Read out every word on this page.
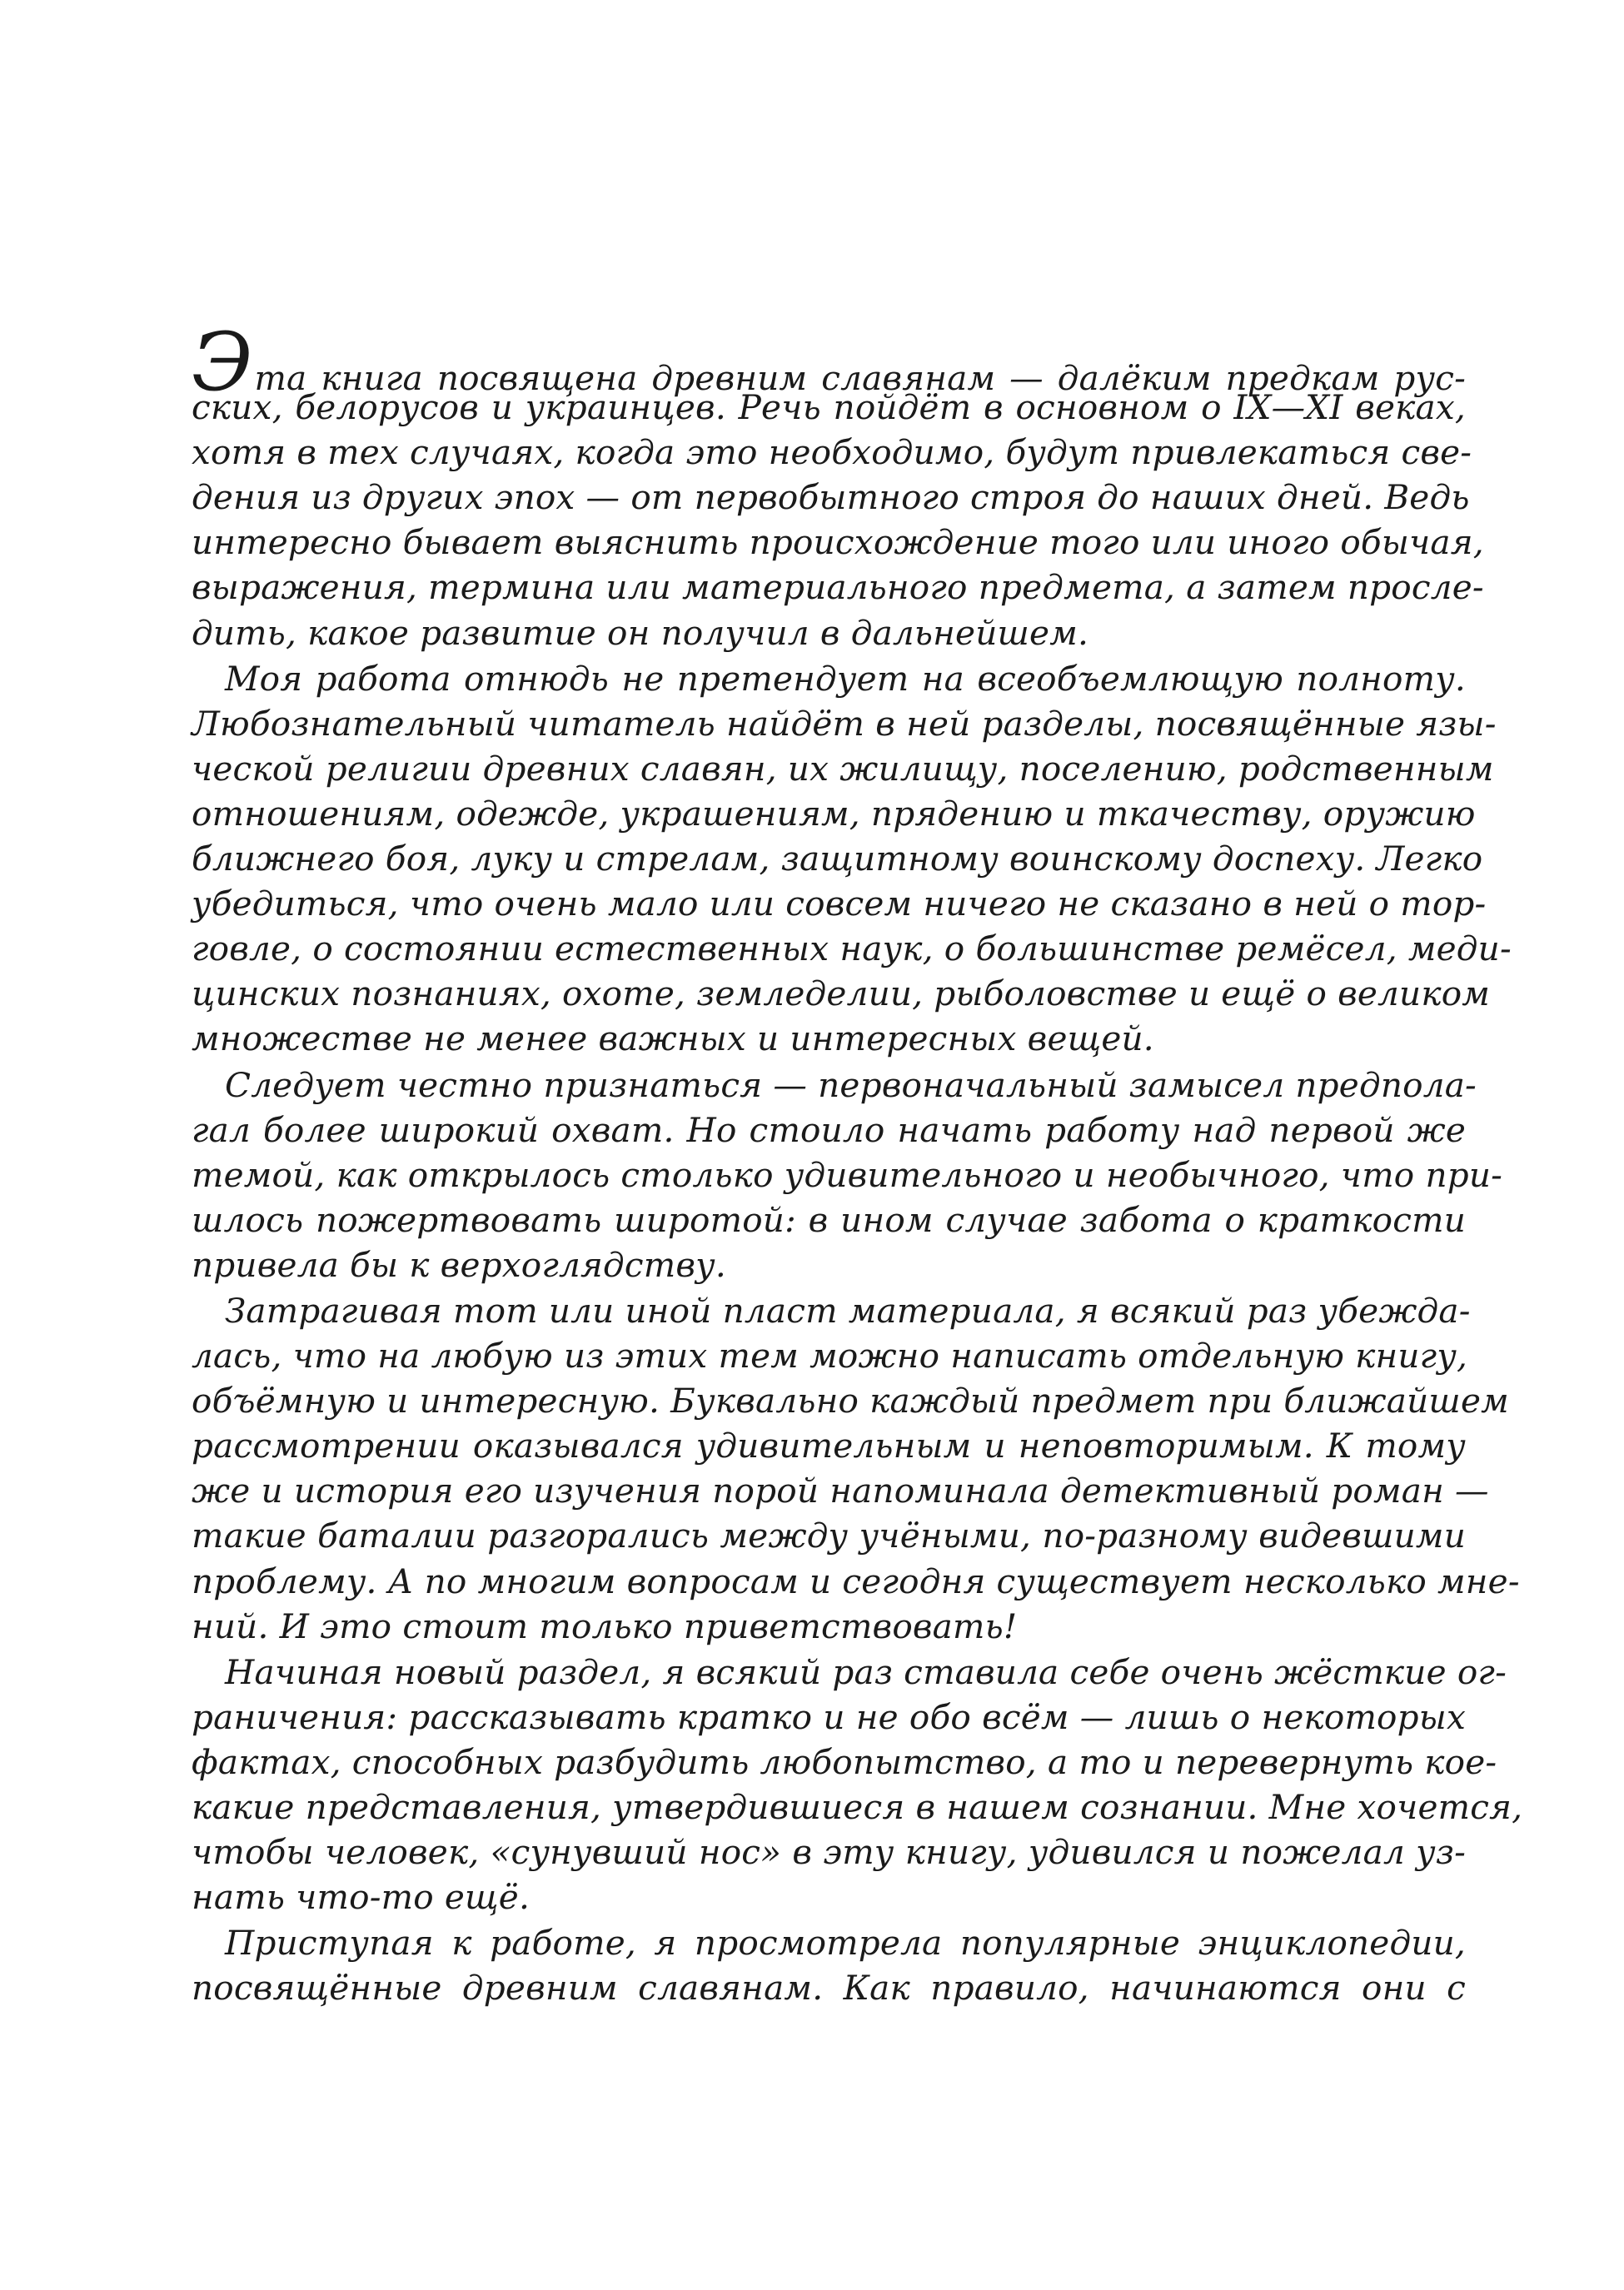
Эта книга посвящена древним славянам — далёким предкам рус-
ских, белорусов и украинцев. Речь пойдёт в основном о IX—XI веках,
хотя в тех случаях, когда это необходимо, будут привлекаться све-
дения из других эпох — от первобытного строя до наших дней. Ведь
интересно бывает выяснить происхождение того или иного обычая,
выражения, термина или материального предмета, а затем просле-
дить, какое развитие он получил в дальнейшем.
Моя работа отнюдь не претендует на всеобъемлющую полноту.
Любознательный читатель найдёт в ней разделы, посвящённые язы-
ческой религии древних славян, их жилищу, поселению, родственным
отношениям, одежде, украшениям, прядению и ткачеству, оружию
ближнего боя, луку и стрелам, защитному воинскому доспеху. Легко
убедиться, что очень мало или совсем ничего не сказано в ней о тор-
говле, о состоянии естественных наук, о большинстве ремёсел, меди-
цинских познаниях, охоте, земледелии, рыболовстве и ещё о великом
множестве не менее важных и интересных вещей.
Следует честно признаться — первоначальный замысел предпола-
гал более широкий охват. Но стоило начать работу над первой же
темой, как открылось столько удивительного и необычного, что при-
шлось пожертвовать широтой: в ином случае забота о краткости
привела бы к верхоглядству.
Затрагивая тот или иной пласт материала, я всякий раз убежда-
лась, что на любую из этих тем можно написать отдельную книгу,
объёмную и интересную. Буквально каждый предмет при ближайшем
рассмотрении оказывался удивительным и неповторимым. К тому
же и история его изучения порой напоминала детективный роман —
такие баталии разгорались между учёными, по-разному видевшими
проблему. А по многим вопросам и сегодня существует несколько мне-
ний. И это стоит только приветствовать!
Начиная новый раздел, я всякий раз ставила себе очень жёсткие ог-
раничения: рассказывать кратко и не обо всём — лишь о некоторых
фактах, способных разбудить любопытство, а то и перевернуть кое-
какие представления, утвердившиеся в нашем сознании. Мне хочется,
чтобы человек, «сунувший нос» в эту книгу, удивился и пожелал уз-
нать что-то ещё.
Приступая к работе, я просмотрела популярные энциклопедии,
посвящённые древним славянам. Как правило, начинаются они с
